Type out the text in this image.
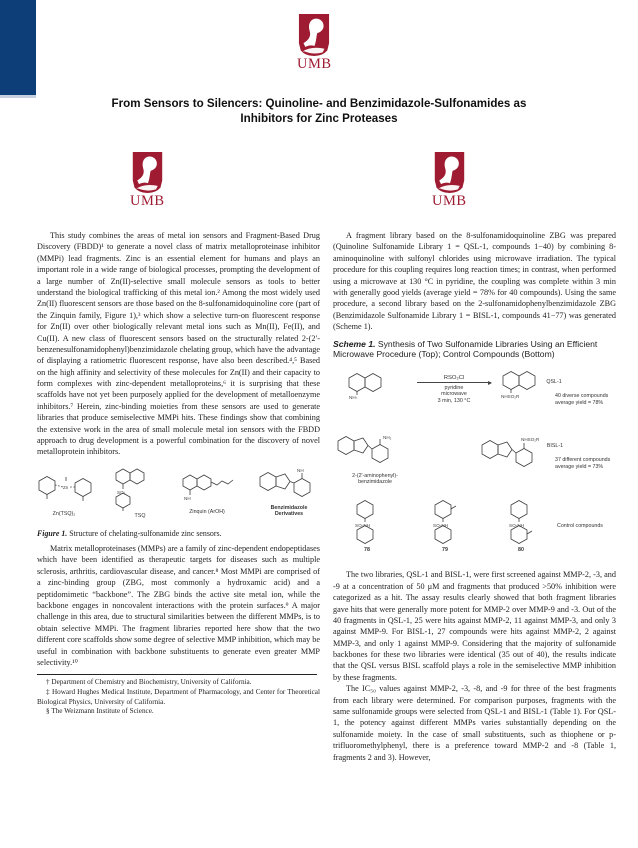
UMB
From Sensors to Silencers: Quinoline- and Benzimidazole-Sulfonamides as Inhibitors for Zinc Proteases
UMB	UMB

This study combines the areas of metal ion sensors and Fragment-Based Drug Discovery (FBDD)¹ to generate a novel class of matrix metalloproteinase inhibitor (MMPi) lead fragments. Zinc is an essential element for humans and plays an important role in a wide range of biological processes, prompting the development of a large number of Zn(II)-selective small molecule sensors as tools to better understand the biological trafficking of this metal ion.² Among the most widely used Zn(II) fluorescent sensors are those based on the 8-sulfonamidoquinoline core (part of the Zinquin family, Figure 1),³ which show a selective turn-on fluorescent response for Zn(II) over other biologically relevant metal ions such as Mn(II), Fe(II), and Cu(II). A new class of fluorescent sensors based on the structurally related 2-(2′-benzenesulfonamidophenyl)benzimidazole chelating group, which have the advantage of displaying a ratiometric fluorescent response, have also been described.⁴,⁵ Based on the high affinity and selectivity of these molecules for Zn(II) and their capacity to form complexes with zinc-dependent metalloproteins,⁶ it is surprising that these scaffolds have not yet been purposely applied for the development of metalloenzyme inhibitors.⁷ Herein, zinc-binding moieties from these sensors are used to generate libraries that produce semiselective MMPi hits. These findings show that combining the extensive work in the area of small molecule metal ion sensors with the FBDD approach to drug development is a powerful combination for the discovery of novel metalloprotein inhibitors.

Zn
Zn(TSQ)₂
SO₂
TSQ
NH
Zinquin (ArOH)
NH
Benzimidazole Derivatives
Figure 1. Structure of chelating-sulfonamide zinc sensors.

Matrix metalloproteinases (MMPs) are a family of zinc-dependent endopeptidases which have been identified as therapeutic targets for diseases such as multiple sclerosis, arthritis, cardiovascular disease, and cancer.⁸ Most MMPi are comprised of a zinc-binding group (ZBG, most commonly a hydroxamic acid) and a peptidomimetic “backbone”. The ZBG binds the active site metal ion, while the backbone engages in noncovalent interactions with the protein surfaces.⁹ A major challenge in this area, due to structural similarities between the different MMPs, is to obtain selective MMPi. The fragment libraries reported here show that the two different core scaffolds show some degree of selective MMP inhibition, which may be useful in combination with backbone substituents to generate even greater MMP selectivity.¹⁰

† Department of Chemistry and Biochemistry, University of California.

‡ Howard Hughes Medical Institute, Department of Pharmacology, and Center for Theoretical Biological Physics, University of California.

§ The Weizmann Institute of Science.

A fragment library based on the 8-sulfonamidoquinoline ZBG was prepared (Quinoline Sulfonamide Library 1 = QSL-1, compounds 1−40) by combining 8-aminoquinoline with sulfonyl chlorides using microwave irradiation. The typical procedure for this coupling requires long reaction times; in contrast, when performed using a microwave at 130 °C in pyridine, the coupling was complete within 3 min with generally good yields (average yield = 78% for 40 compounds). Using the same procedure, a second library based on the 2-sulfonamidophenylbenzimidazole ZBG (Benzimidazole Sulfonamide Library 1 = BISL-1, compounds 41−77) was generated (Scheme 1).

Scheme 1. Synthesis of Two Sulfonamide Libraries Using an Efficient Microwave Procedure (Top); Control Compounds (Bottom)
NH₂
RSO₂Cl
pyridine
microwave
3 min, 130 °C
NHSO₂R
QSL-1
40 diverse compounds
average yield = 78%
NH₂
2-(2′-aminophenyl)-
benzimidazole
NHSO₂R
BISL-1
37 different compounds
average yield = 73%
SO₂NH
78
SO₂NH
79
SO₂NH
80
Control compounds

The two libraries, QSL-1 and BISL-1, were first screened against MMP-2, -3, and -9 at a concentration of 50 μM and fragments that produced >50% inhibition were categorized as a hit. The assay results clearly showed that both fragment libraries gave hits that were generally more potent for MMP-2 over MMP-9 and -3. Out of the 40 fragments in QSL-1, 25 were hits against MMP-2, 11 against MMP-3, and only 3 against MMP-9. For BISL-1, 27 compounds were hits against MMP-2, 2 against MMP-3, and only 1 against MMP-9. Considering that the majority of sulfonamide backbones for these two libraries were identical (35 out of 40), the results indicate that the QSL versus BISL scaffold plays a role in the semiselective MMP inhibition by these fragments.

The IC₅₀ values against MMP-2, -3, -8, and -9 for three of the best fragments from each library were determined. For comparison purposes, fragments with the same sulfonamide groups were selected from QSL-1 and BISL-1 (Table 1). For QSL-1, the potency against different MMPs varies substantially depending on the sulfonamide moiety. In the case of small substituents, such as thiophene or p-trifluoromethylphenyl, there is a preference toward MMP-2 and -8 (Table 1, fragments 2 and 3). However,
